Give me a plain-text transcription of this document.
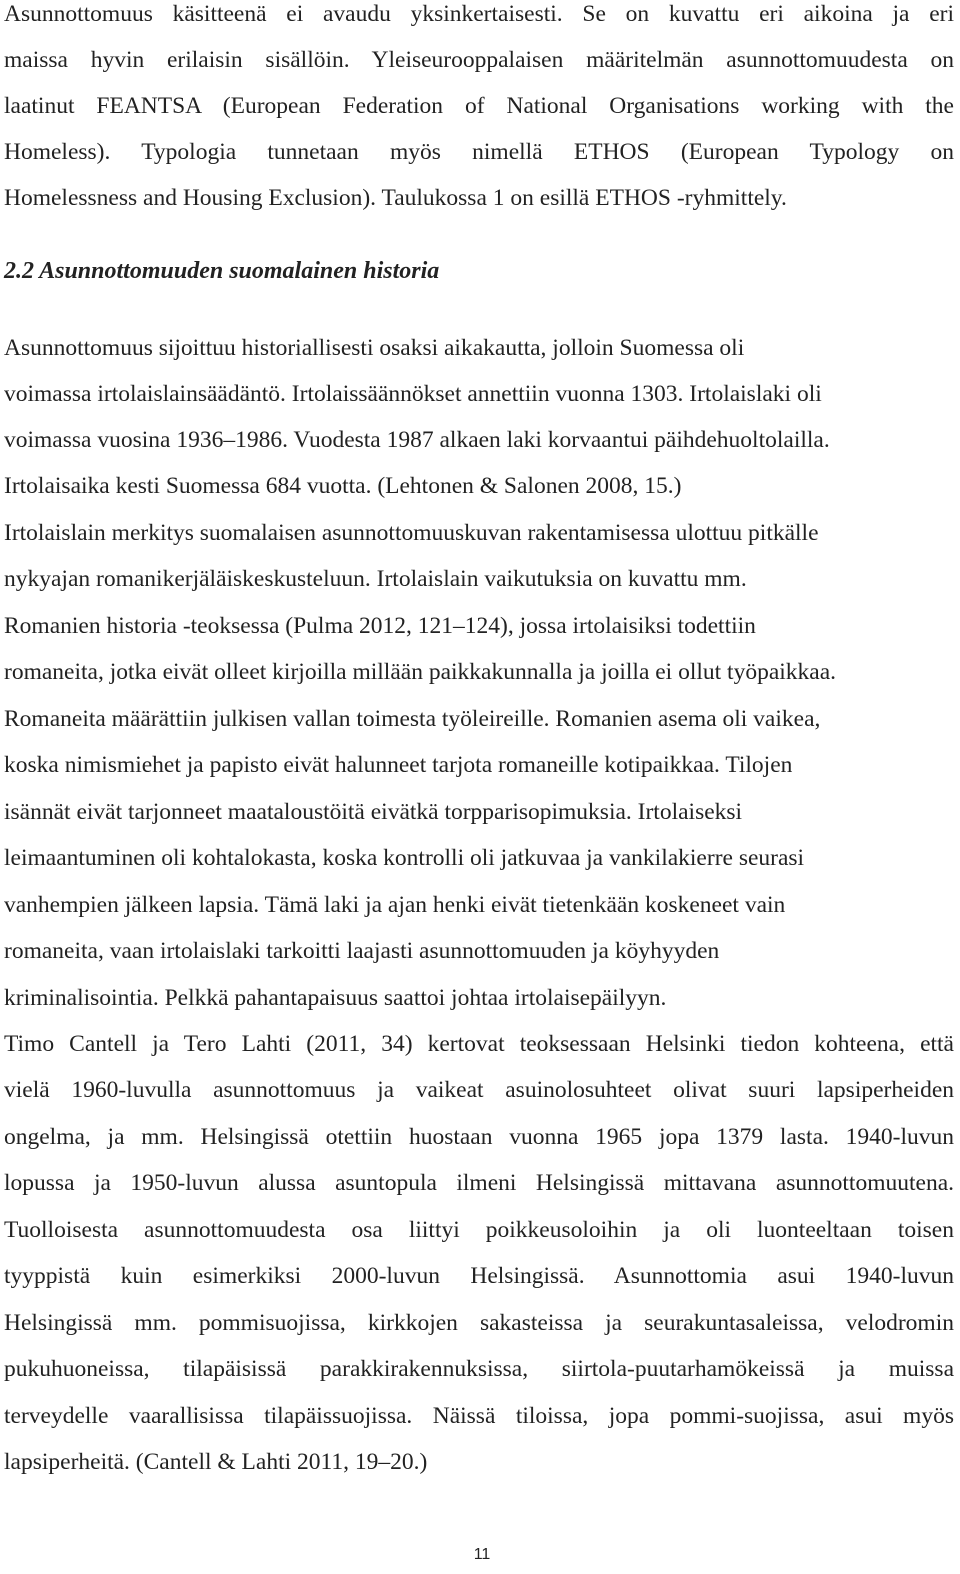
Asunnottomuus käsitteenä ei avaudu yksinkertaisesti. Se on kuvattu eri aikoina ja eri
maissa hyvin erilaisin sisällöin. Yleiseurooppalaisen määritelmän asunnottomuudesta on
laatinut FEANTSA (European Federation of National Organisations working with the
Homeless). Typologia tunnetaan myös nimellä ETHOS (European Typology on
Homelessness and Housing Exclusion). Taulukossa 1 on esillä ETHOS -ryhmittely.
2.2 Asunnottomuuden suomalainen historia
Asunnottomuus sijoittuu historiallisesti osaksi aikakautta, jolloin Suomessa oli
voimassa irtolaislainsäädäntö. Irtolaissäännökset annettiin vuonna 1303. Irtolaislaki oli
voimassa vuosina 1936–1986. Vuodesta 1987 alkaen laki korvaantui päihdehuoltolailla.
Irtolaisaika kesti Suomessa 684 vuotta. (Lehtonen & Salonen 2008, 15.)
Irtolaislain merkitys suomalaisen asunnottomuuskuvan rakentamisessa ulottuu pitkälle
nykyajan romanikerjäläiskeskusteluun. Irtolaislain vaikutuksia on kuvattu mm.
Romanien historia -teoksessa (Pulma 2012, 121–124), jossa irtolaisiksi todettiin
romaneita, jotka eivät olleet kirjoilla millään paikkakunnalla ja joilla ei ollut työpaikkaa.
Romaneita määrättiin julkisen vallan toimesta työleireille. Romanien asema oli vaikea,
koska nimismiehet ja papisto eivät halunneet tarjota romaneille kotipaikkaa. Tilojen
isännät eivät tarjonneet maataloustöitä eivätkä torpparisopimuksia. Irtolaiseksi
leimaantuminen oli kohtalokasta, koska kontrolli oli jatkuvaa ja vankilakierre seurasi
vanhempien jälkeen lapsia. Tämä laki ja ajan henki eivät tietenkään koskeneet vain
romaneita, vaan irtolaislaki tarkoitti laajasti asunnottomuuden ja köyhyyden
kriminalisointia. Pelkkä pahantapaisuus saattoi johtaa irtolaisepäilyyn.
Timo Cantell ja Tero Lahti (2011, 34) kertovat teoksessaan Helsinki tiedon kohteena, että
vielä 1960-luvulla asunnottomuus ja vaikeat asuinolosuhteet olivat suuri lapsiperheiden
ongelma, ja mm. Helsingissä otettiin huostaan vuonna 1965 jopa 1379 lasta. 1940-luvun
lopussa ja 1950-luvun alussa asuntopula ilmeni Helsingissä mittavana asunnottomuutena.
Tuolloisesta asunnottomuudesta osa liittyi poikkeusoloihin ja oli luonteeltaan toisen
tyyppistä kuin esimerkiksi 2000-luvun Helsingissä. Asunnottomia asui 1940-luvun
Helsingissä mm. pommisuojissa, kirkkojen sakasteissa ja seurakuntasaleissa, velodromin
pukuhuoneissa, tilapäisissä parakkirakennuksissa, siirtola-puutarhamökeissä ja muissa
terveydelle vaarallisissa tilapäissuojissa. Näissä tiloissa, jopa pommi-suojissa, asui myös
lapsiperheitä. (Cantell & Lahti 2011, 19–20.)
11
